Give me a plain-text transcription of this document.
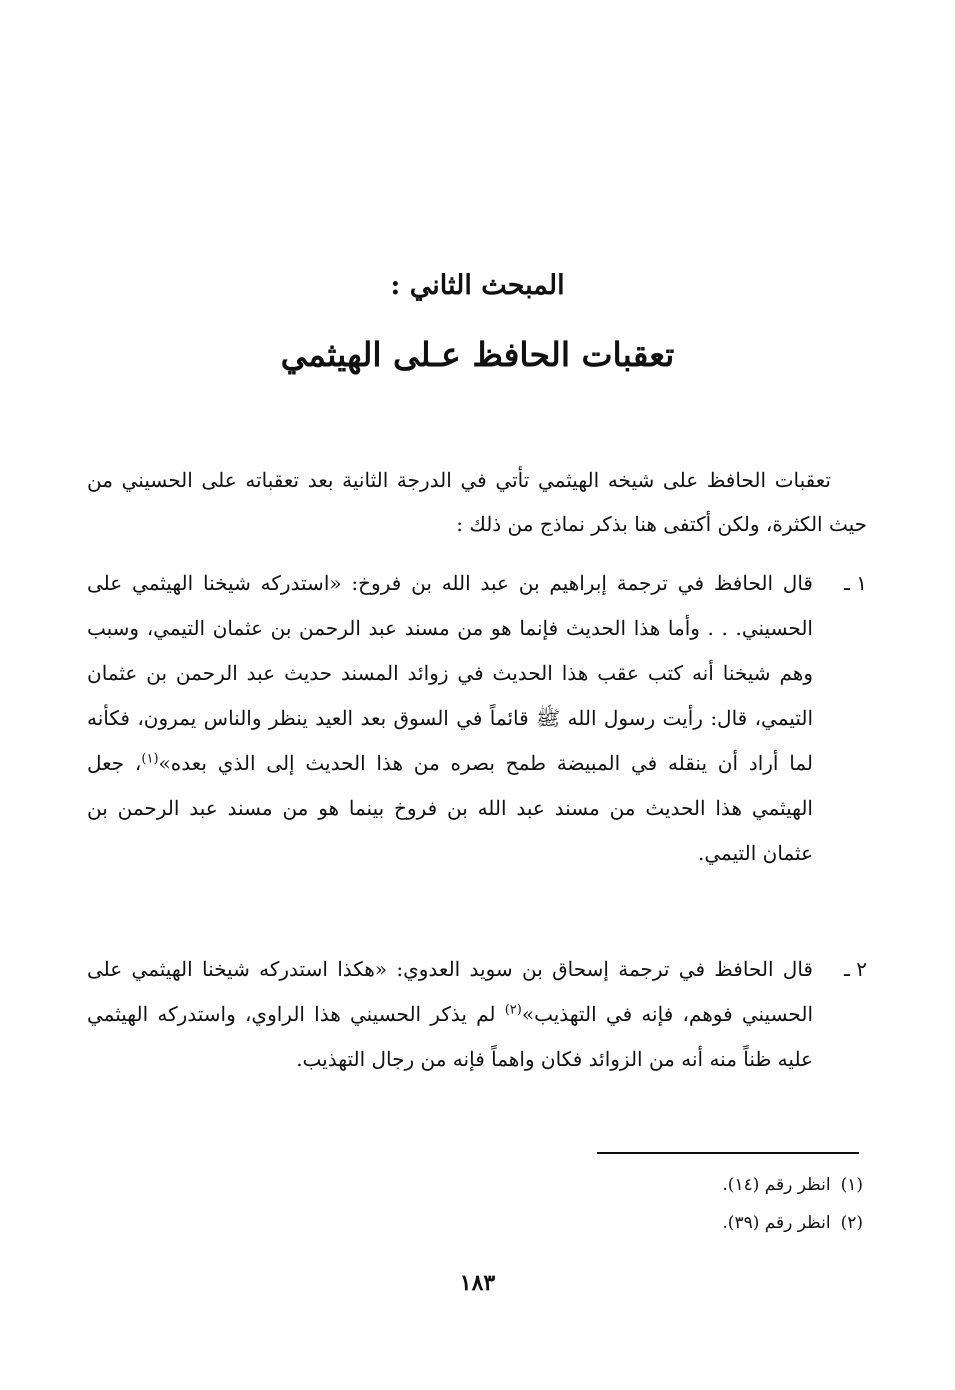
المبحث الثاني :
تعقبات الحافظ عـلى الهيثمي

تعقبات الحافظ على شيخه الهيثمي تأتي في الدرجة الثانية بعد تعقباته على الحسيني من حيث الكثرة، ولكن أكتفى هنا بذكر نماذج من ذلك :

١ ـ
قال الحافظ في ترجمة إبراهيم بن عبد الله بن فروخ: «استدركه شيخنا الهيثمي على الحسيني. . . وأما هذا الحديث فإنما هو من مسند عبد الرحمن بن عثمان التيمي، وسبب وهم شيخنا أنه كتب عقب هذا الحديث في زوائد المسند حديث عبد الرحمن بن عثمان التيمي، قال: رأيت رسول الله ﷺ قائماً في السوق بعد العيد ينظر والناس يمرون، فكأنه لما أراد أن ينقله في المبيضة طمح بصره من هذا الحديث إلى الذي بعده»$^{(١)}$، جعل الهيثمي هذا الحديث من مسند عبد الله بن فروخ بينما هو من مسند عبد الرحمن بن عثمان التيمي.
٢ ـ
قال الحافظ في ترجمة إسحاق بن سويد العدوي: «هكذا استدركه شيخنا الهيثمي على الحسيني فوهم، فإنه في التهذيب»$^{(٢)}$ لم يذكر الحسيني هذا الراوي، واستدركه الهيثمي عليه ظناً منه أنه من الزوائد فكان واهماً فإنه من رجال التهذيب.
(١)انظر رقم (١٤).
(٢)انظر رقم (٣٩).
١٨٣
